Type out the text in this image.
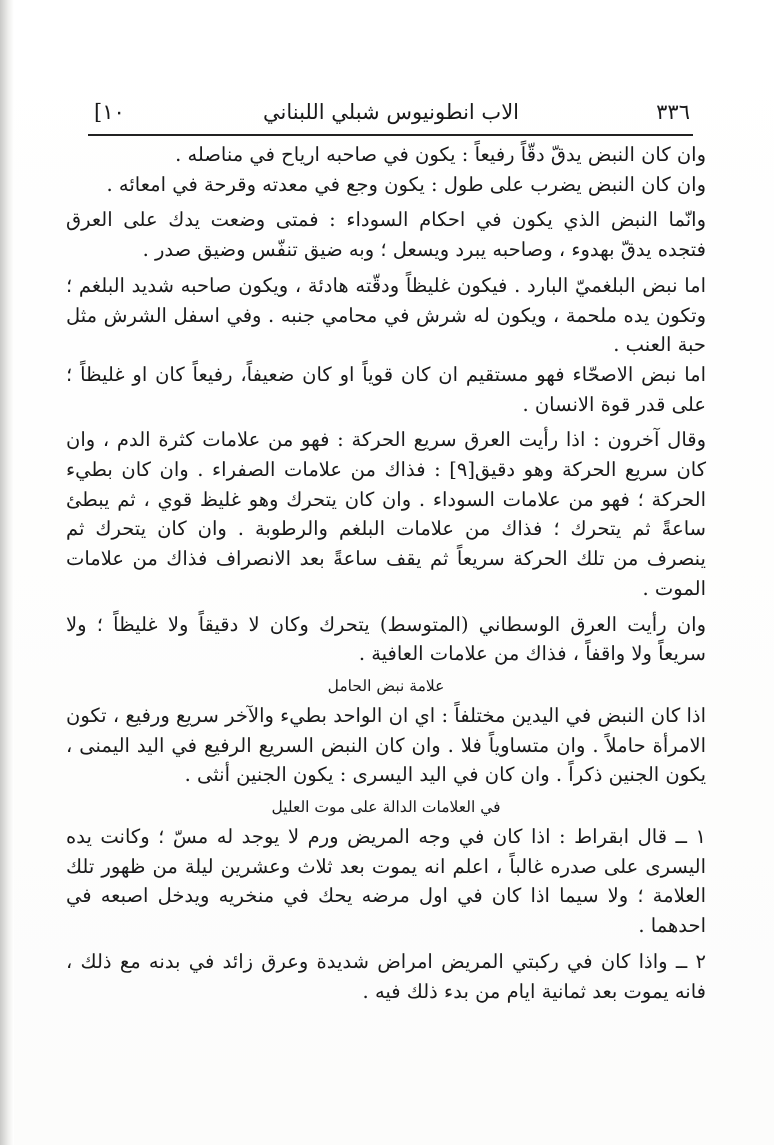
[١٠	الاب انطونيوس شبلي اللبناني	٣٣٦

وان كان النبض يدقّ دقّاً رفيعاً : يكون في صاحبه ارياح في مناصله .

وان كان النبض يضرب على طول : يكون وجع في معدته وقرحة في امعائه .

وانّما النبض الذي يكون في احكام السوداء : فمتى وضعت يدك على العرق فتجده يدقّ بهدوء ، وصاحبه يبرد ويسعل ؛ وبه ضيق تنفّس وضيق صدر .

اما نبض البلغميّ البارد . فيكون غليظاً ودقّته هادئة ، ويكون صاحبه شديد البلغم ؛ وتكون يده ملحمة ، ويكون له شرش في محامي جنبه . وفي اسفل الشرش مثل حبة العنب .

اما نبض الاصحّاء فهو مستقيم ان كان قوياً او كان ضعيفاً، رفيعاً كان او غليظاً ؛ على قدر قوة الانسان .

وقال آخرون : اذا رأيت العرق سريع الحركة : فهو من علامات كثرة الدم ، وان كان سريع الحركة وهو دقيق[٩] : فذاك من علامات الصفراء . وان كان بطيء الحركة ؛ فهو من علامات السوداء . وان كان يتحرك وهو غليظ قوي ، ثم يبطئ ساعةً ثم يتحرك ؛ فذاك من علامات البلغم والرطوبة . وان كان يتحرك ثم ينصرف من تلك الحركة سريعاً ثم يقف ساعةً بعد الانصراف فذاك من علامات الموت .

وان رأيت العرق الوسطاني (المتوسط) يتحرك وكان لا دقيقاً ولا غليظاً ؛ ولا سريعاً ولا واقفاً ، فذاك من علامات العافية .

علامة نبض الحامل

اذا كان النبض في اليدين مختلفاً : اي ان الواحد بطيء والآخر سريع ورفيع ، تكون الامرأة حاملاً . وان متساوياً فلا . وان كان النبض السريع الرفيع في اليد اليمنى ، يكون الجنين ذكراً . وان كان في اليد اليسرى : يكون الجنين أنثى .

في العلامات الدالة على موت العليل

١ ــ قال ابقراط : اذا كان في وجه المريض ورم لا يوجد له مسّ ؛ وكانت يده اليسرى على صدره غالباً ، اعلم انه يموت بعد ثلاث وعشرين ليلة من ظهور تلك العلامة ؛ ولا سيما اذا كان في اول مرضه يحك في منخريه ويدخل اصبعه في احدهما .

٢ ــ واذا كان في ركبتي المريض امراض شديدة وعرق زائد في بدنه مع ذلك ، فانه يموت بعد ثمانية ايام من بدء ذلك فيه .
